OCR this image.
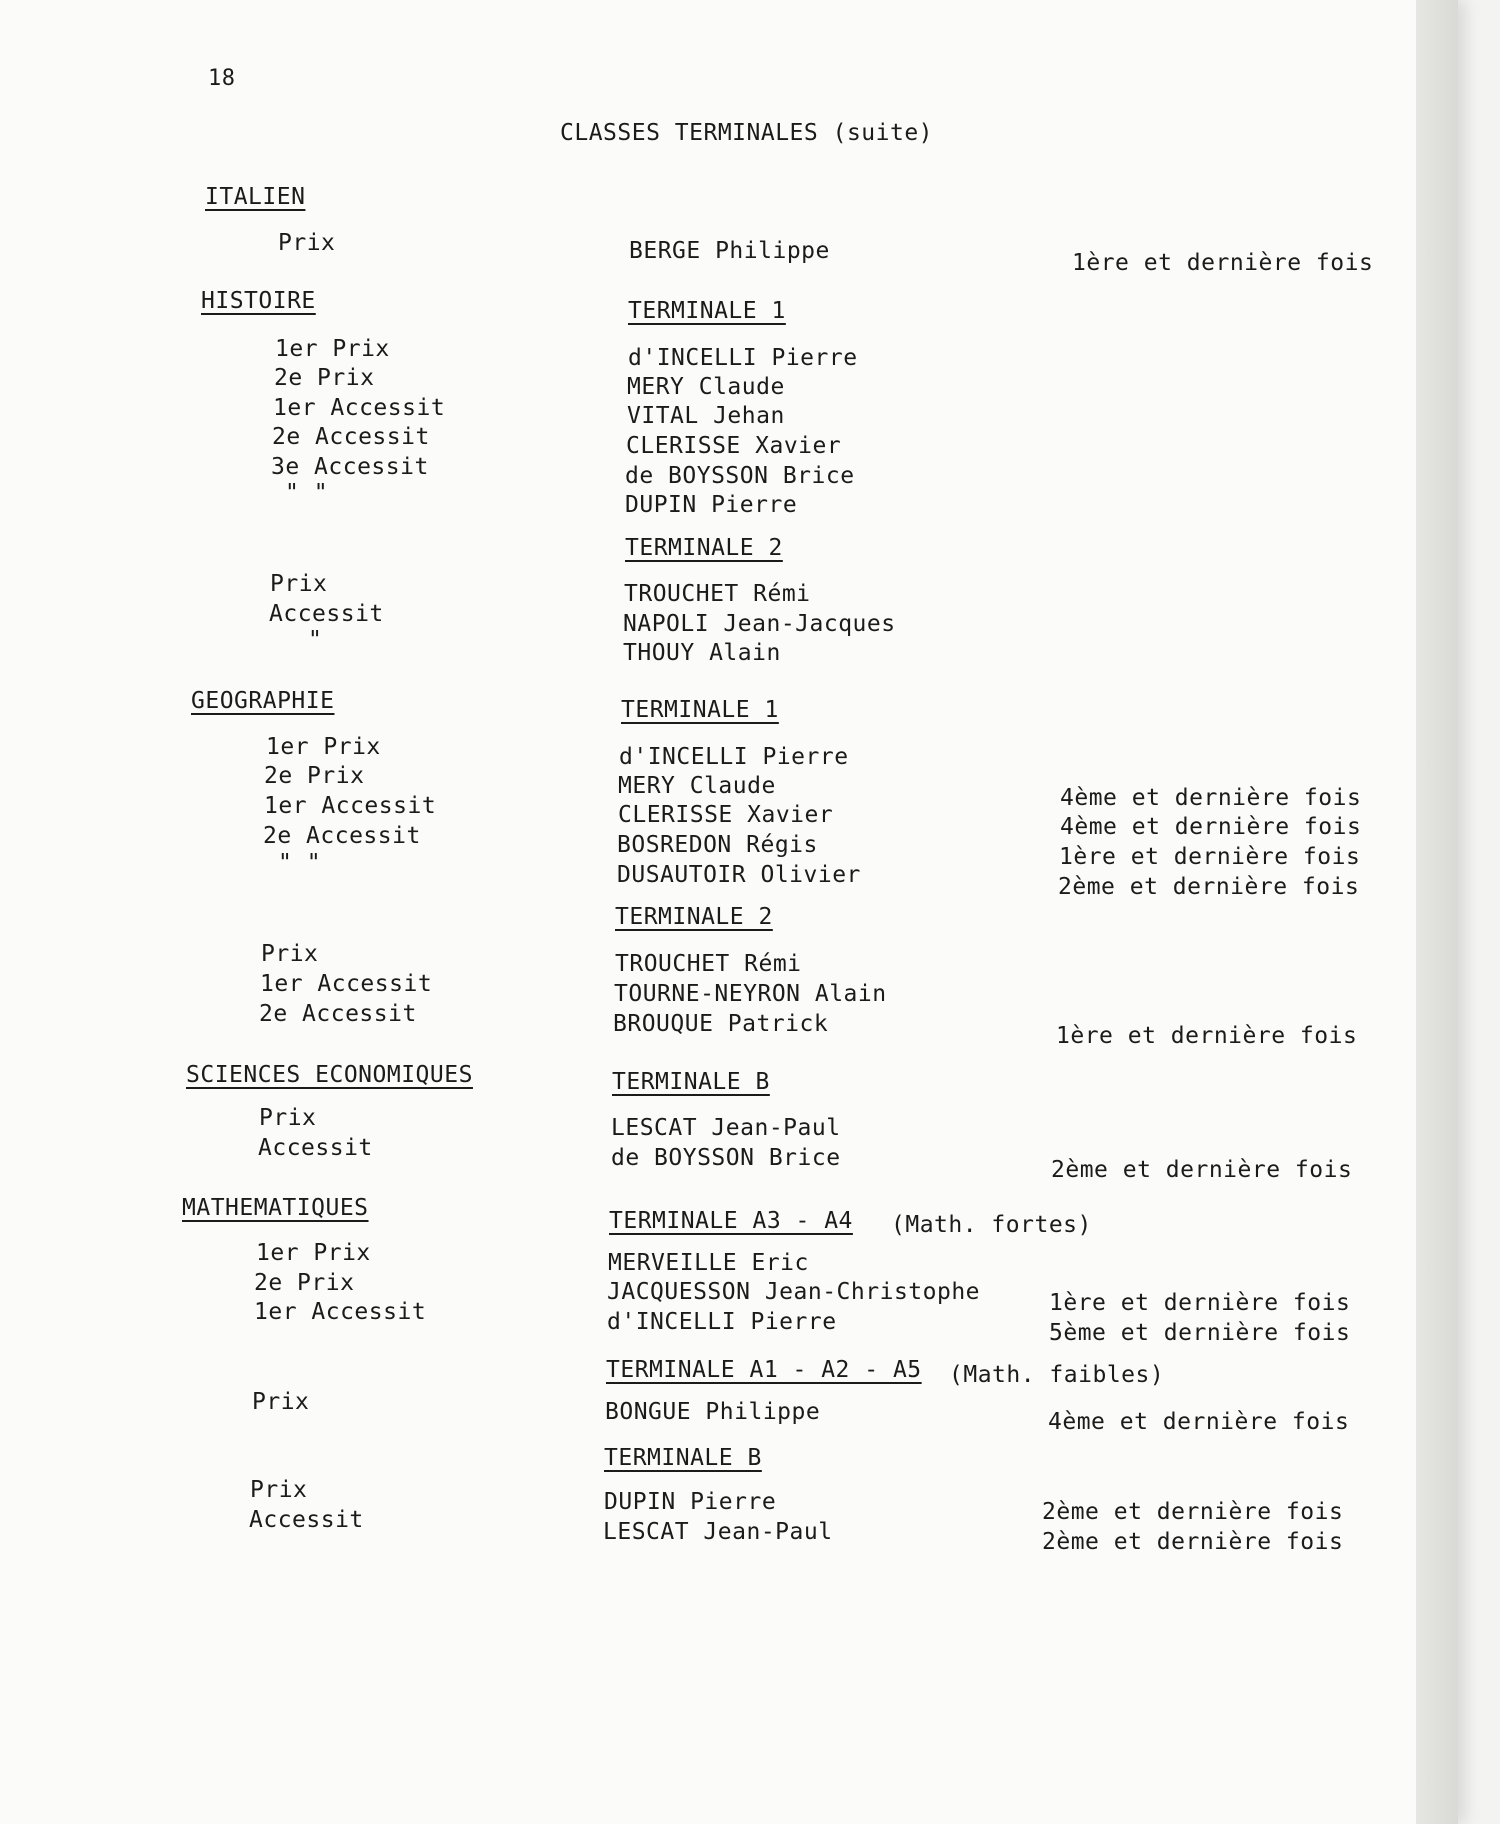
18
CLASSES TERMINALES (suite)
ITALIEN
Prix	BERGE Philippe	1ère et dernière fois
HISTOIRE	TERMINALE 1
1er Prix	d'INCELLI Pierre
2e Prix	MERY Claude
1er Accessit	VITAL Jehan
2e Accessit	CLERISSE Xavier
3e Accessit	de BOYSSON Brice
" "	DUPIN Pierre
TERMINALE 2
Prix	TROUCHET Rémi
Accessit	NAPOLI Jean-Jacques
"	THOUY Alain
GEOGRAPHIE	TERMINALE 1
1er Prix	d'INCELLI Pierre
2e Prix	MERY Claude	4ème et dernière fois
1er Accessit	CLERISSE Xavier	4ème et dernière fois
2e Accessit	BOSREDON Régis	1ère et dernière fois
" "	DUSAUTOIR Olivier	2ème et dernière fois
TERMINALE 2
Prix	TROUCHET Rémi
1er Accessit	TOURNE-NEYRON Alain
2e Accessit	BROUQUE Patrick	1ère et dernière fois
SCIENCES ECONOMIQUES	TERMINALE B
Prix	LESCAT Jean-Paul
Accessit	de BOYSSON Brice	2ème et dernière fois
MATHEMATIQUES	TERMINALE A3 - A4 (Math. fortes)
1er Prix	MERVEILLE Eric
2e Prix	JACQUESSON Jean-Christophe	1ère et dernière fois
1er Accessit	d'INCELLI Pierre	5ème et dernière fois
TERMINALE A1 - A2 - A5 (Math. faibles)
Prix	BONGUE Philippe	4ème et dernière fois
TERMINALE B
Prix	DUPIN Pierre	2ème et dernière fois
Accessit	LESCAT Jean-Paul	2ème et dernière fois
